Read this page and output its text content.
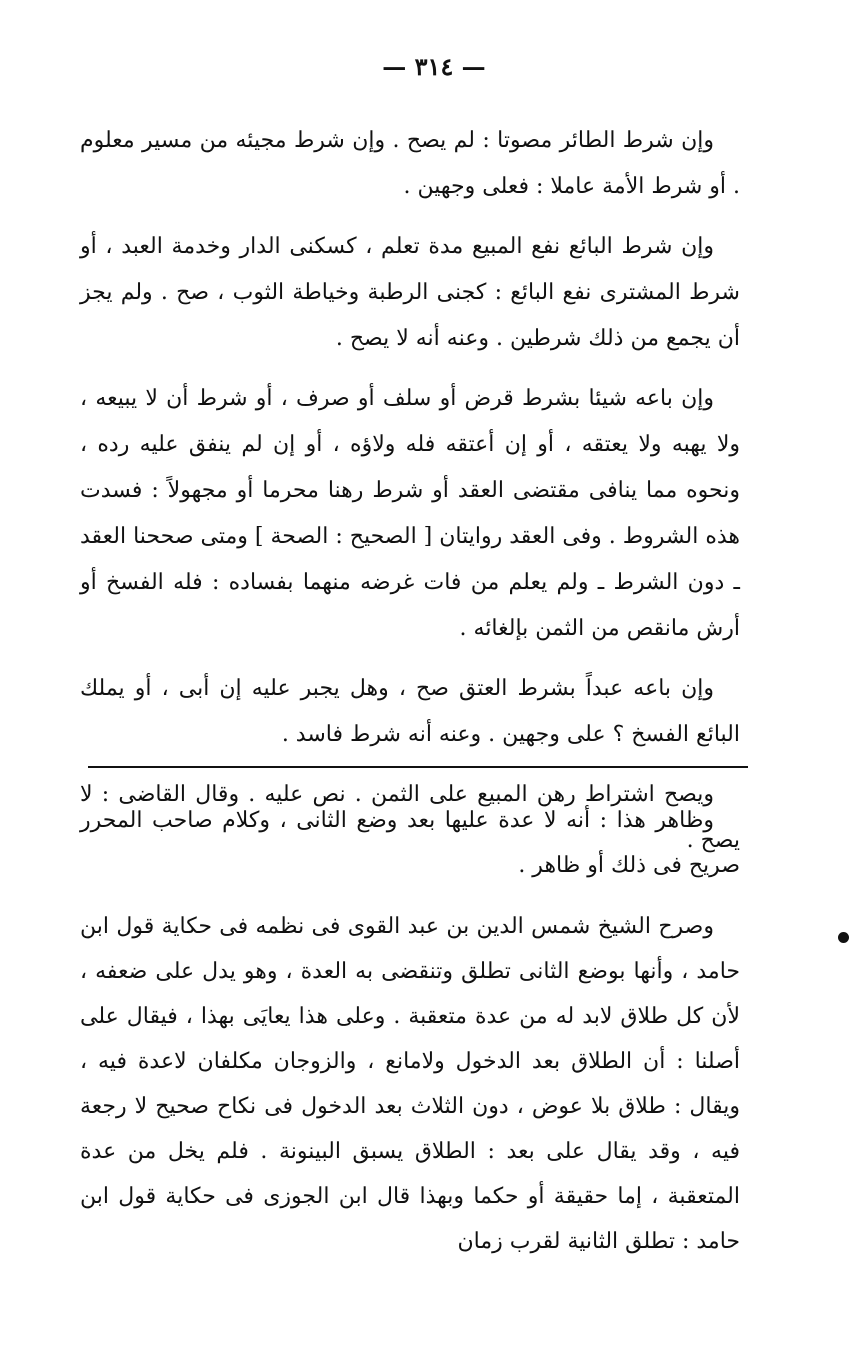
— ٣١٤ —

وإن شرط الطائر مصوتا : لم يصح . وإن شرط مجيئه من مسير معلوم . أو شرط الأمة عاملا : فعلى وجهين .

وإن شرط البائع نفع المبيع مدة تعلم ، كسكنى الدار وخدمة العبد ، أو شرط المشترى نفع البائع : كجنى الرطبة وخياطة الثوب ، صح . ولم يجز أن يجمع من ذلك شرطين . وعنه أنه لا يصح .

وإن باعه شيئا بشرط قرض أو سلف أو صرف ، أو شرط أن لا يبيعه ، ولا يهبه ولا يعتقه ، أو إن أعتقه فله ولاؤه ، أو إن لم ينفق عليه رده ، ونحوه مما ينافى مقتضى العقد أو شرط رهنا محرما أو مجهولاً : فسدت هذه الشروط . وفى العقد روايتان [ الصحيح : الصحة ] ومتى صححنا العقد ـ دون الشرط ـ ولم يعلم من فات غرضه منهما بفساده : فله الفسخ أو أرش مانقص من الثمن بإلغائه .

وإن باعه عبداً بشرط العتق صح ، وهل يجبر عليه إن أبى ، أو يملك البائع الفسخ ؟ على وجهين . وعنه أنه شرط فاسد .

ويصح اشتراط رهن المبيع على الثمن . نص عليه . وقال القاضى : لا يصح .

وظاهر هذا : أنه لا عدة عليها بعد وضع الثانى ، وكلام صاحب المحرر صريح فى ذلك أو ظاهر .

وصرح الشيخ شمس الدين بن عبد القوى فى نظمه فى حكاية قول ابن حامد ، وأنها بوضع الثانى تطلق وتنقضى به العدة ، وهو يدل على ضعفه ، لأن كل طلاق لابد له من عدة متعقبة . وعلى هذا يعايَى بهذا ، فيقال على أصلنا : أن الطلاق بعد الدخول ولامانع ، والزوجان مكلفان لاعدة فيه ، ويقال : طلاق بلا عوض ، دون الثلاث بعد الدخول فى نكاح صحيح لا رجعة فيه ، وقد يقال على بعد : الطلاق يسبق البينونة . فلم يخل من عدة المتعقبة ، إما حقيقة أو حكما وبهذا قال ابن الجوزى فى حكاية قول ابن حامد : تطلق الثانية لقرب زمان
